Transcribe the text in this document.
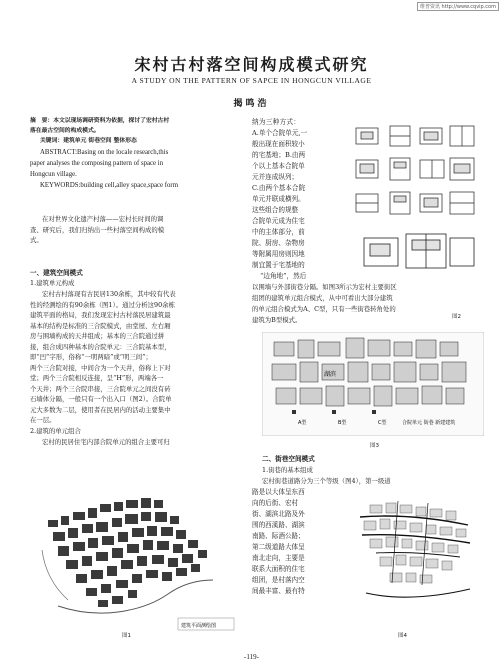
维普资讯 http://www.cqvip.com
宋村古村落空间构成模式研究
A STUDY ON THE PATTERN OF SAPCE IN HONGCUN VILLAGE
揭鸣浩
摘　要：本文以现场调研资料为依据，探讨了宏村古村
落在最古空间的构成模式。
关键词：建筑单元 街巷空间 整体形态
ABSTRACT:Basing on the locale research,this
paper analyses the composing pattern of space in
Hongcun village.
KEYWORDS:building cell,alley space,space form
在对世界文化遗产村落——宏村长时间的调
查、研究后，我们归纳出一些村落空间构成的模
式。
一、建筑空间模式
1.建筑单元构成
宏村古村落现有古民居130余栋，其中较有代表
性的经测绘的有90余栋（图1）。通过分析这90余栋
建筑平面的格局，我们发现宏村古村落民居建筑最
基本的结构是标准的三合院模式，由堂屋、左右厢
房与围墙构成的天井组成；基本的三合院通过拼
接，组合成四种基本的合院单元：三合院基本型，
即“凹”字形，俗称“一明两暗”或“明三间”；
两个三合院对接，中间合为一个天井，俗称上下对
堂；两个三合院相反连接，呈“H”形，两端各一
个天井；两个三合院串接，三合院单元之间没有砖
石墙体分隔，一般只有一个出入口（图2）。合院单
元大多数为二层，使用者在民居内的活动主要集中
在一层。
2.建筑的单元组合
宏村的民居住宅内部合院单元的组合主要可归
建筑平面测绘图
图1
纳为三种方式：
A.单个合院单元,一
般出现在面积较小
的宅基地；B.由两
个以上基本合院单
元并连成纵列；
C.由两个基本合院
单元并联成横列。
这些组合的规整
合院单元成为住宅
中的主体部分，前
院、厨房、杂物房
等附属用房则因地
制宜置于宅基地的
图2
“边角地”，然后
以围墙与外部街巷分隔。如图3所示为宏村主要街区
组团的建筑单元组合模式，从中可看出大部分建筑
的单元组合模式为A、C型，只有一些街巷转角处的
建筑为B型模式。
湖滨
A型	B型	C型	合院单元 街巷 新建建筑
图3
二、街巷空间模式
1.街巷的基本组成
宏村街巷道路分为三个等级（图4），第一级道
路是以大体呈东西
向的后街、宏村
街、湖滨北路及外
围的西溪路、湖滨
南路、际酒公路；
第二级道路大体呈
南北走向，主要是
联系大面积的住宅
组团，是村落内空
间最丰富、最有特
图4
-119-
